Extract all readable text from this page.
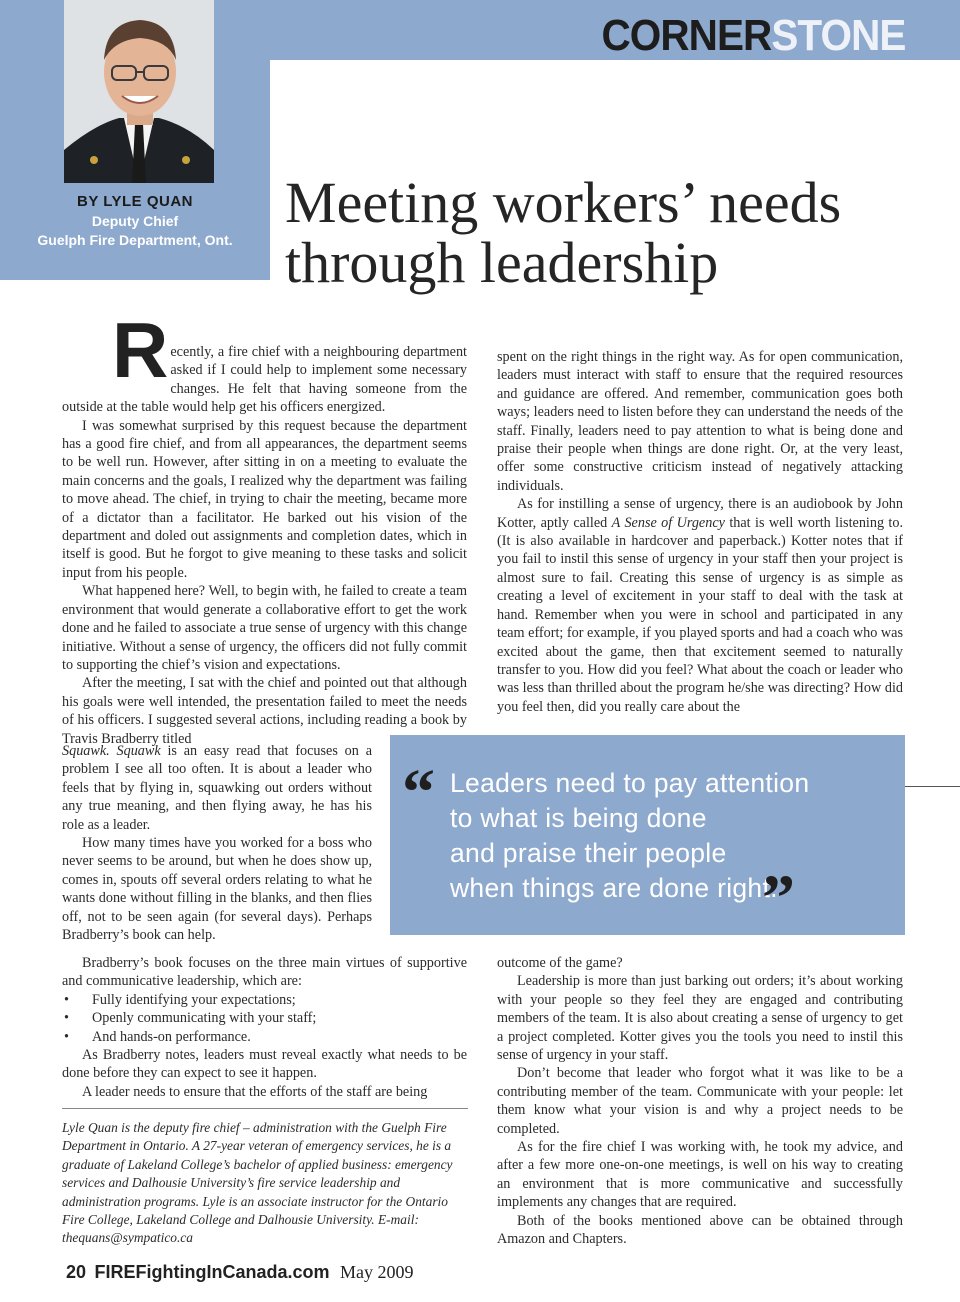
CORNERSTONE
BY LYLE QUAN
Deputy Chief
Guelph Fire Department, Ont.
Meeting workers’ needs through leadership

Recently, a fire chief with a neighbouring department asked if I could help to implement some necessary changes. He felt that having someone from the outside at the table would help get his officers energized.

I was somewhat surprised by this request because the department has a good fire chief, and from all appearances, the department seems to be well run. However, after sitting in on a meeting to evaluate the main concerns and the goals, I realized why the department was failing to move ahead. The chief, in trying to chair the meeting, became more of a dictator than a facilitator. He barked out his vision of the department and doled out assignments and completion dates, which in itself is good. But he forgot to give meaning to these tasks and solicit input from his people.

What happened here? Well, to begin with, he failed to create a team environment that would generate a collaborative effort to get the work done and he failed to associate a true sense of urgency with this change initiative. Without a sense of urgency, the officers did not fully commit to supporting the chief’s vision and expectations.

After the meeting, I sat with the chief and pointed out that although his goals were well intended, the presentation failed to meet the needs of his officers. I suggested several actions, including reading a book by Travis Bradberry titled

Squawk. Squawk is an easy read that focuses on a problem I see all too often. It is about a leader who feels that by flying in, squawking out orders without any true meaning, and then flying away, he has his role as a leader.

How many times have you worked for a boss who never seems to be around, but when he does show up, comes in, spouts off several orders relating to what he wants done without filling in the blanks, and then flies off, not to be seen again (for several days). Perhaps Bradberry’s book can help.

Bradberry’s book focuses on the three main virtues of supportive and communicative leadership, which are:

• Fully identifying your expectations;
• Openly communicating with your staff;
• And hands-on performance.

As Bradberry notes, leaders must reveal exactly what needs to be done before they can expect to see it happen.

A leader needs to ensure that the efforts of the staff are being

Lyle Quan is the deputy fire chief – administration with the Guelph Fire Department in Ontario. A 27-year veteran of emergency services, he is a graduate of Lakeland College’s bachelor of applied business: emergency services and Dalhousie University’s fire service leadership and administration programs. Lyle is an associate instructor for the Ontario Fire College, Lakeland College and Dalhousie University. E-mail: thequans@sympatico.ca

spent on the right things in the right way. As for open communication, leaders must interact with staff to ensure that the required resources and guidance are offered. And remember, communication goes both ways; leaders need to listen before they can understand the needs of the staff. Finally, leaders need to pay attention to what is being done and praise their people when things are done right. Or, at the very least, offer some constructive criticism instead of negatively attacking individuals.

As for instilling a sense of urgency, there is an audiobook by John Kotter, aptly called A Sense of Urgency that is well worth listening to. (It is also available in hardcover and paperback.) Kotter notes that if you fail to instil this sense of urgency in your staff then your project is almost sure to fail. Creating this sense of urgency is as simple as creating a level of excitement in your staff to deal with the task at hand. Remember when you were in school and participated in any team effort; for example, if you played sports and had a coach who was excited about the game, then that excitement seemed to naturally transfer to you. How did you feel? What about the coach or leader who was less than thrilled about the program he/she was directing? How did you feel then, did you really care about the

outcome of the game?

Leadership is more than just barking out orders; it’s about working with your people so they feel they are engaged and contributing members of the team. It is also about creating a sense of urgency to get a project completed. Kotter gives you the tools you need to instil this sense of urgency in your staff.

Don’t become that leader who forgot what it was like to be a contributing member of the team. Communicate with your people: let them know what your vision is and why a project needs to be completed.

As for the fire chief I was working with, he took my advice, and after a few more one-on-one meetings, is well on his way to creating an environment that is more communicative and successfully implements any changes that are required.

Both of the books mentioned above can be obtained through Amazon and Chapters.

“ Leaders need to pay attention
to what is being done
and praise their people
when things are done right.
”
20 FIREFightingInCanada.com May 2009
